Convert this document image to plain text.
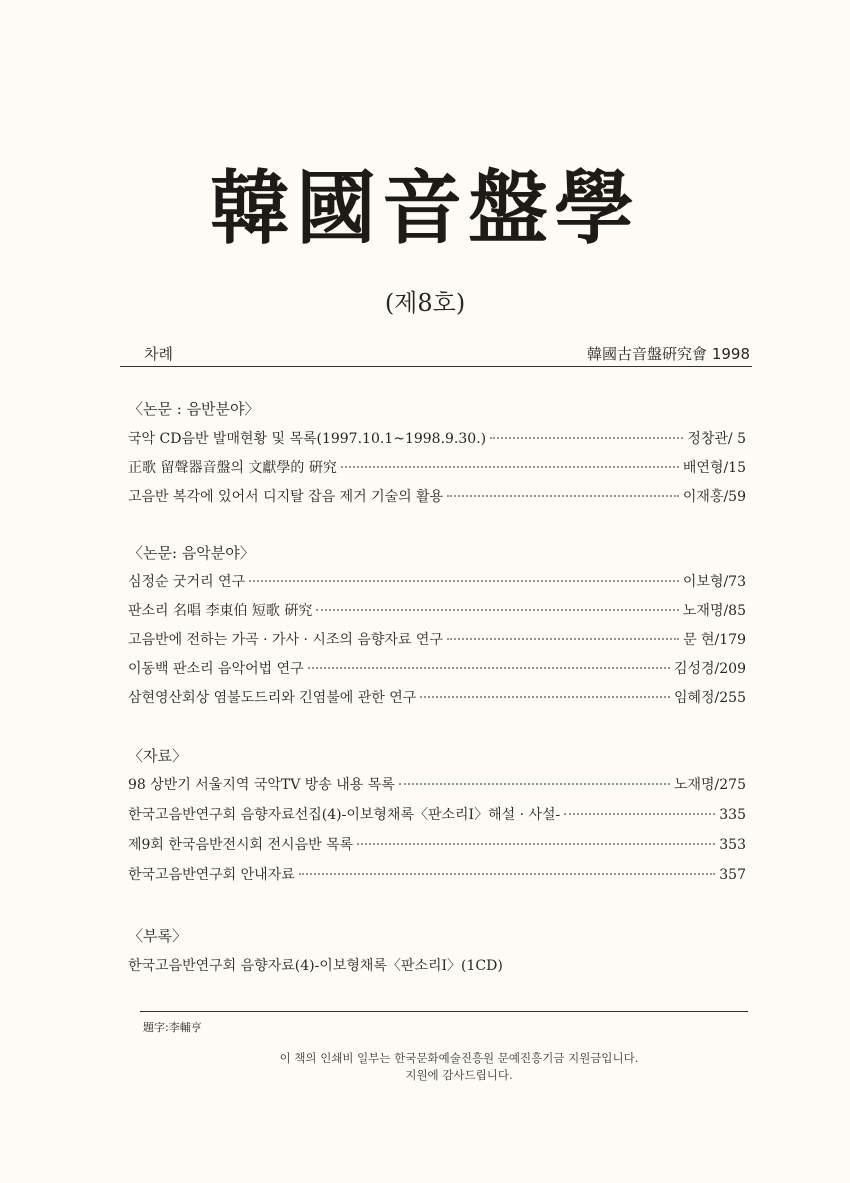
韓國音盤學
(제8호)
차례	韓國古音盤硏究會 1998
〈논문 : 음반분야〉
국악 CD음반 발매현황 및 목록(1997.10.1~1998.9.30.)	정창관/ 5
正歌 留聲器音盤의 文獻學的 硏究	배연형/15
고음반 복각에 있어서 디지탈 잡음 제거 기술의 활용	이재홍/59
〈논문: 음악분야〉
심정순 굿거리 연구	이보형/73
판소리 名唱 李東伯 短歌 硏究	노재명/85
고음반에 전하는 가곡 · 가사 · 시조의 음향자료 연구	문 현/179
이동백 판소리 음악어법 연구	김성경/209
삼현영산회상 염불도드리와 긴염불에 관한 연구	임혜정/255
〈자료〉
98 상반기 서울지역 국악TV 방송 내용 목록	노재명/275
한국고음반연구회 음향자료선집(4)-이보형채록〈판소리I〉해설 · 사설-	335
제9회 한국음반전시회 전시음반 목록	353
한국고음반연구회 안내자료	357
〈부록〉
한국고음반연구회 음향자료(4)-이보형채록〈판소리I〉(1CD)
題字:李輔亨
이 책의 인쇄비 일부는 한국문화예술진흥원 문예진흥기금 지원금입니다.
지원에 감사드립니다.
